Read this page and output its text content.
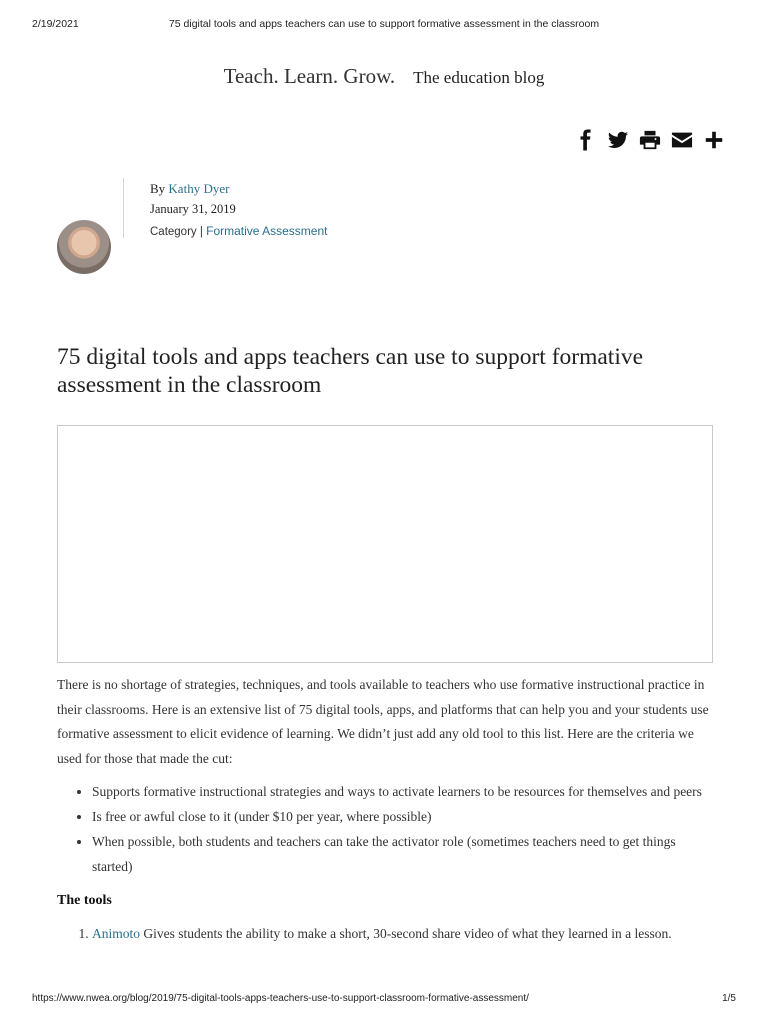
2/19/2021	75 digital tools and apps teachers can use to support formative assessment in the classroom
Teach. Learn. Grow. The education blog
By Kathy Dyer
January 31, 2019
Category | Formative Assessment
75 digital tools and apps teachers can use to support formative assessment in the classroom

There is no shortage of strategies, techniques, and tools available to teachers who use formative instructional practice in their classrooms. Here is an extensive list of 75 digital tools, apps, and platforms that can help you and your students use formative assessment to elicit evidence of learning. We didn’t just add any old tool to this list. Here are the criteria we used for those that made the cut:

• Supports formative instructional strategies and ways to activate learners to be resources for themselves and peers
• Is free or awful close to it (under $10 per year, where possible)
• When possible, both students and teachers can take the activator role (sometimes teachers need to get things started)
The tools
1. Animoto Gives students the ability to make a short, 30-second share video of what they learned in a lesson.
https://www.nwea.org/blog/2019/75-digital-tools-apps-teachers-use-to-support-classroom-formative-assessment/	1/5
